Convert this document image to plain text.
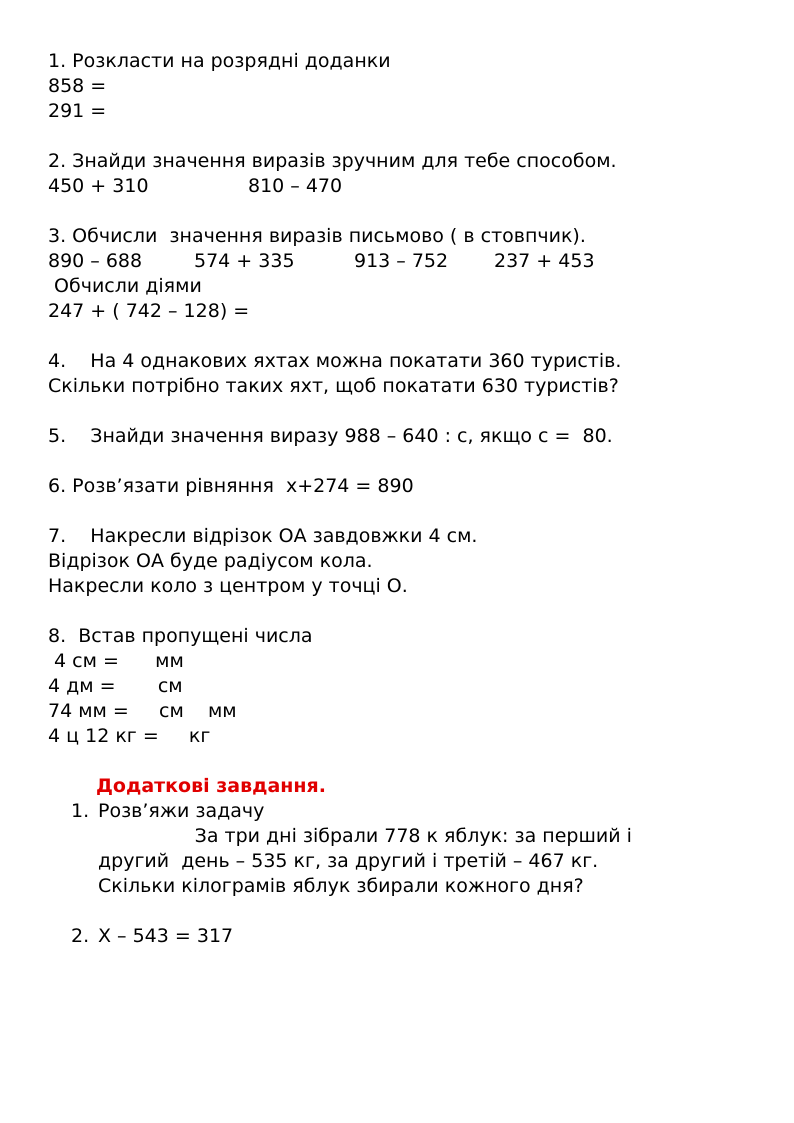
1. Розкласти на розрядні доданки
858 =
291 =
2. Знайди значення виразів зручним для тебе способом.

450 + 310

	810 – 470

3. Обчисли  значення виразів письмово ( в стовпчик).

890 – 688

	574 + 335

	913 – 752

237 + 453

Обчисли діями
247 + ( 742 – 128) =
4.    На 4 однакових яхтах можна покатати 360 туристів.
Скільки потрібно таких яхт, щоб покатати 630 туристів?
5.    Знайди значення виразу 988 – 640 : с, якщо с =  80.
6. Розв’язати рівняння  х+274 = 890
7.    Накресли відрізок ОА завдовжки 4 см.
Відрізок ОА буде радіусом кола.
Накресли коло з центром у точці О.
8.  Встав пропущені числа
4 см =      мм
4 дм =       см
74 мм =     см    мм
4 ц 12 кг =     кг
Додаткові завдання.
1. Розв’яжи задачу
За три дні зібрали 778 к яблук: за перший і
другий  день – 535 кг, за другий і третій – 467 кг.
Скільки кілограмів яблук збирали кожного дня?
2. Х – 543 = 317
